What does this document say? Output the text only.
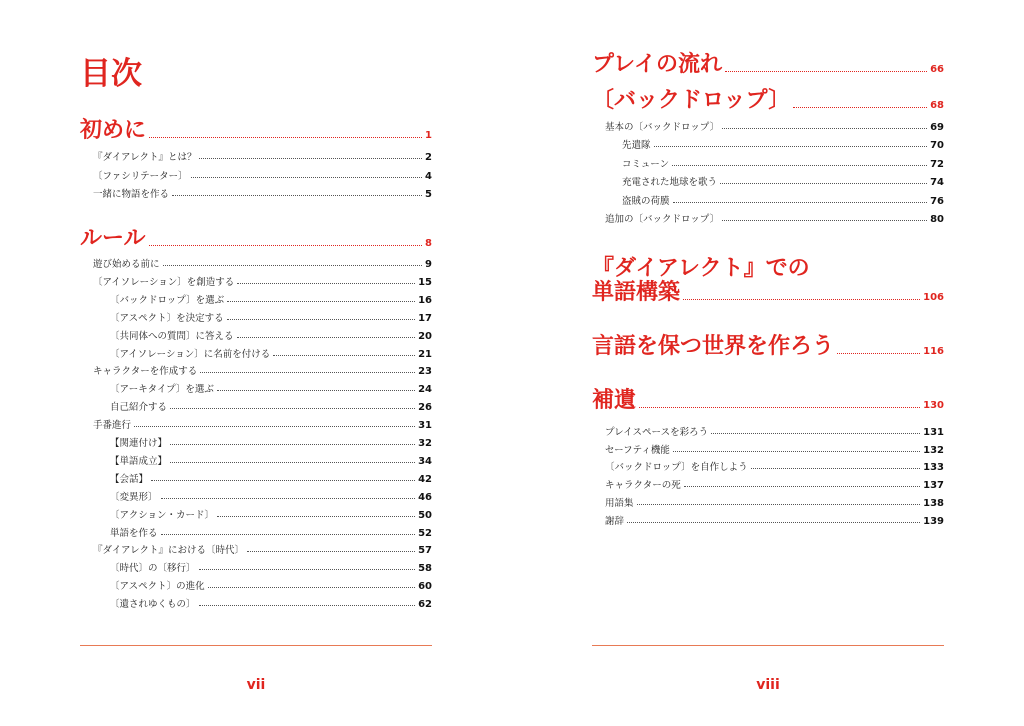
目次
初めに	1
『ダイアレクト』とは？	2
〔ファシリテーター〕	4
一緒に物語を作る	5
ルール	8
遊び始める前に	9
〔アイソレーション〕を創造する	15
〔バックドロップ〕を選ぶ	16
〔アスペクト〕を決定する	17
〔共同体への質問〕に答える	20
〔アイソレーション〕に名前を付ける	21
キャラクターを作成する	23
〔アーキタイプ〕を選ぶ	24
自己紹介する	26
手番進行	31
【関連付け】	32
【単語成立】	34
【会話】	42
〔変異形〕	46
〔アクション・カード〕	50
単語を作る	52
『ダイアレクト』における〔時代〕	57
〔時代〕の〔移行〕	58
〔アスペクト〕の進化	60
〔遺されゆくもの〕	62
vii
プレイの流れ	66
〔バックドロップ〕	68
基本の〔バックドロップ〕	69
先遣隊	70
コミューン	72
充電された地球を歌う	74
盗賊の荷膜	76
追加の〔バックドロップ〕	80
『ダイアレクト』での
単語構築	106
言語を保つ世界を作ろう	116
補遺	130
プレイスペースを彩ろう	131
セーフティ機能	132
〔バックドロップ〕を自作しよう	133
キャラクターの死	137
用語集	138
謝辞	139
viii
